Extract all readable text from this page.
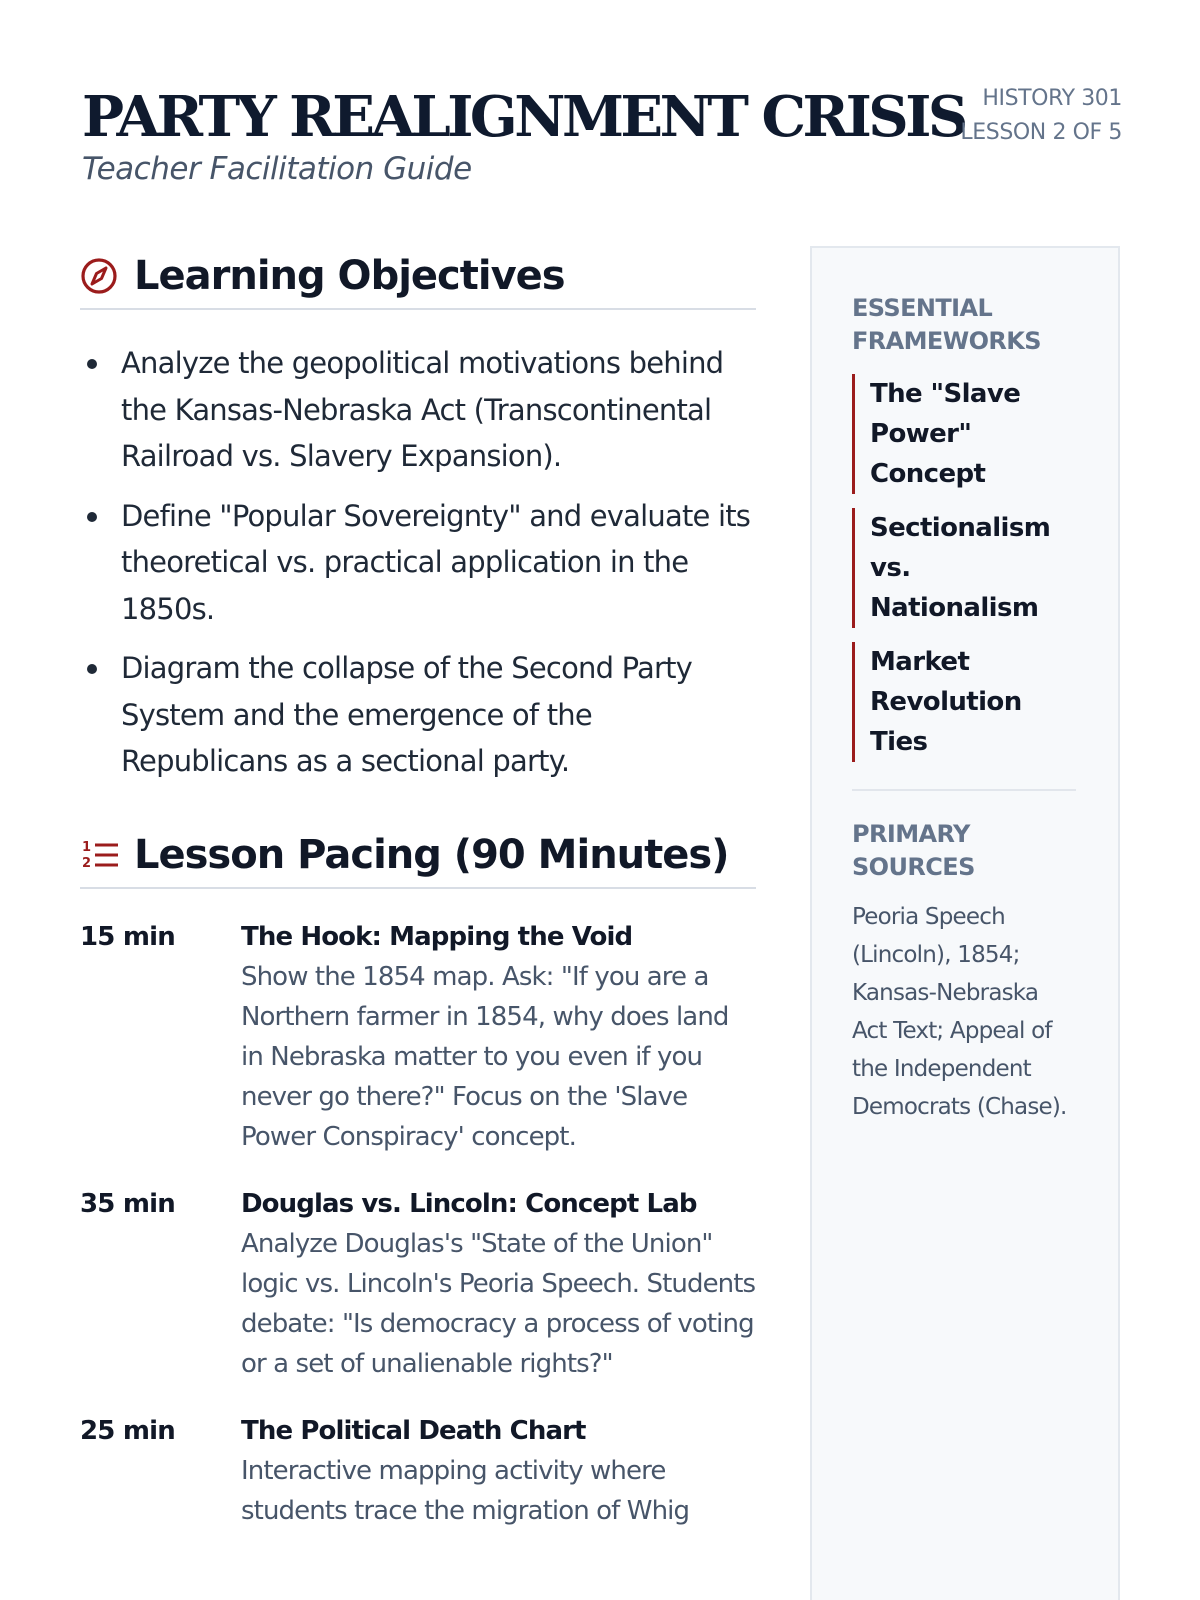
PARTY REALIGNMENT CRISIS
Teacher Facilitation Guide
HISTORY 301
LESSON 2 OF 5
Learning Objectives
Analyze the geopolitical motivations behind the Kansas-Nebraska Act (Transcontinental Railroad vs. Slavery Expansion).
Define "Popular Sovereignty" and evaluate its theoretical vs. practical application in the 1850s.
Diagram the collapse of the Second Party System and the emergence of the Republicans as a sectional party.
1
2 Lesson Pacing (90 Minutes)
15 min	The Hook: Mapping the Void
Show the 1854 map. Ask: "If you are a Northern farmer in 1854, why does land in Nebraska matter to you even if you never go there?" Focus on the 'Slave Power Conspiracy' concept.
35 min	Douglas vs. Lincoln: Concept Lab
Analyze Douglas's "State of the Union" logic vs. Lincoln's Peoria Speech. Students debate: "Is democracy a process of voting or a set of unalienable rights?"
25 min	The Political Death Chart
Interactive mapping activity where students trace the migration of Whig
ESSENTIAL FRAMEWORKS
The "Slave Power" Concept
Sectionalism vs. Nationalism
Market Revolution Ties
PRIMARY SOURCES
Peoria Speech (Lincoln), 1854; Kansas-Nebraska Act Text; Appeal of the Independent Democrats (Chase).
